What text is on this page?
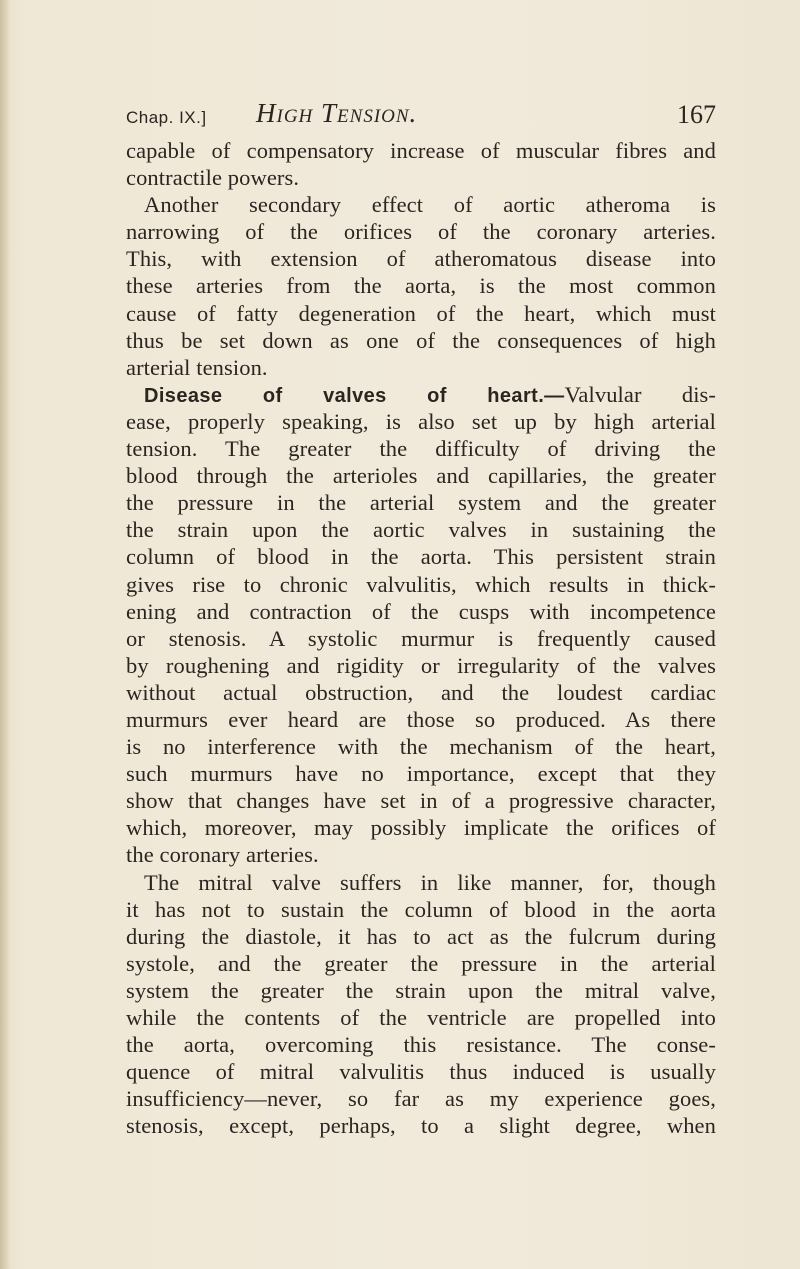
Chap. IX.] High Tension.	167
capable of compensatory increase of muscular fibres and
contractile powers.
Another secondary effect of aortic atheroma is
narrowing of the orifices of the coronary arteries.
This, with extension of atheromatous disease into
these arteries from the aorta, is the most common
cause of fatty degeneration of the heart, which must
thus be set down as one of the consequences of high
arterial tension.
Disease of valves of heart.—Valvular dis-
ease, properly speaking, is also set up by high arterial
tension. The greater the difficulty of driving the
blood through the arterioles and capillaries, the greater
the pressure in the arterial system and the greater
the strain upon the aortic valves in sustaining the
column of blood in the aorta. This persistent strain
gives rise to chronic valvulitis, which results in thick-
ening and contraction of the cusps with incompetence
or stenosis. A systolic murmur is frequently caused
by roughening and rigidity or irregularity of the valves
without actual obstruction, and the loudest cardiac
murmurs ever heard are those so produced. As there
is no interference with the mechanism of the heart,
such murmurs have no importance, except that they
show that changes have set in of a progressive character,
which, moreover, may possibly implicate the orifices of
the coronary arteries.
The mitral valve suffers in like manner, for, though
it has not to sustain the column of blood in the aorta
during the diastole, it has to act as the fulcrum during
systole, and the greater the pressure in the arterial
system the greater the strain upon the mitral valve,
while the contents of the ventricle are propelled into
the aorta, overcoming this resistance. The conse-
quence of mitral valvulitis thus induced is usually
insufficiency—never, so far as my experience goes,
stenosis, except, perhaps, to a slight degree, when
